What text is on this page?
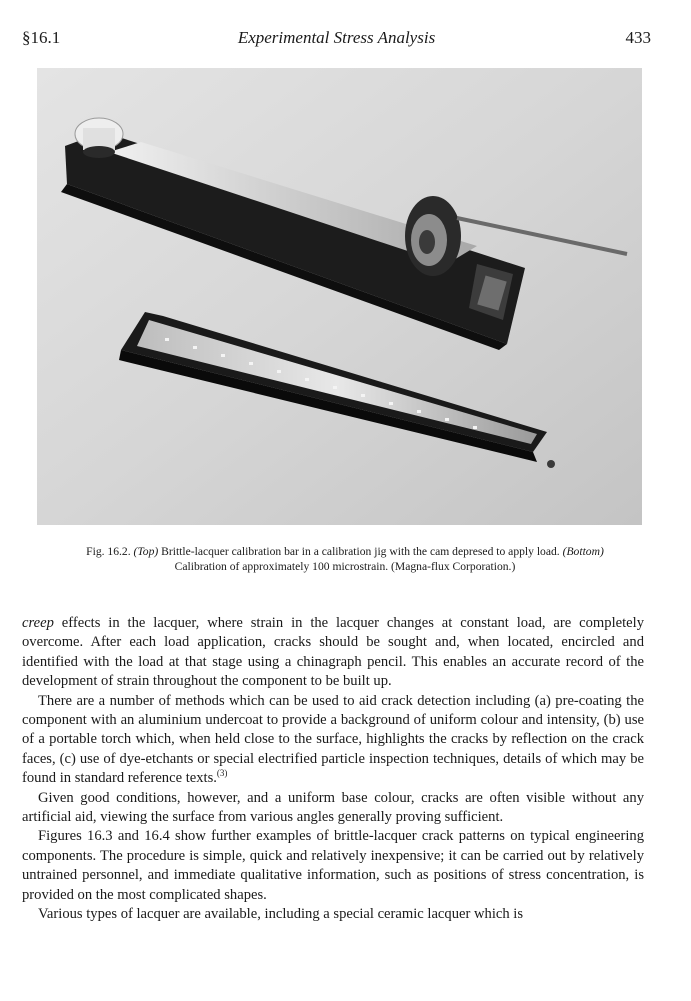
§16.1	Experimental Stress Analysis	433
Fig. 16.2. (Top) Brittle-lacquer calibration bar in a calibration jig with the cam depresed to apply load. (Bottom) Calibration of approximately 100 microstrain. (Magna-flux Corporation.)

creep effects in the lacquer, where strain in the lacquer changes at constant load, are completely overcome. After each load application, cracks should be sought and, when located, encircled and identified with the load at that stage using a chinagraph pencil. This enables an accurate record of the development of strain throughout the component to be built up.

There are a number of methods which can be used to aid crack detection including (a) pre-coating the component with an aluminium undercoat to provide a background of uniform colour and intensity, (b) use of a portable torch which, when held close to the surface, highlights the cracks by reflection on the crack faces, (c) use of dye-etchants or special electrified particle inspection techniques, details of which may be found in standard reference texts.$^{(3)}$

Given good conditions, however, and a uniform base colour, cracks are often visible without any artificial aid, viewing the surface from various angles generally proving sufficient.

Figures 16.3 and 16.4 show further examples of brittle-lacquer crack patterns on typical engineering components. The procedure is simple, quick and relatively inexpensive; it can be carried out by relatively untrained personnel, and immediate qualitative information, such as positions of stress concentration, is provided on the most complicated shapes.

Various types of lacquer are available, including a special ceramic lacquer which is
